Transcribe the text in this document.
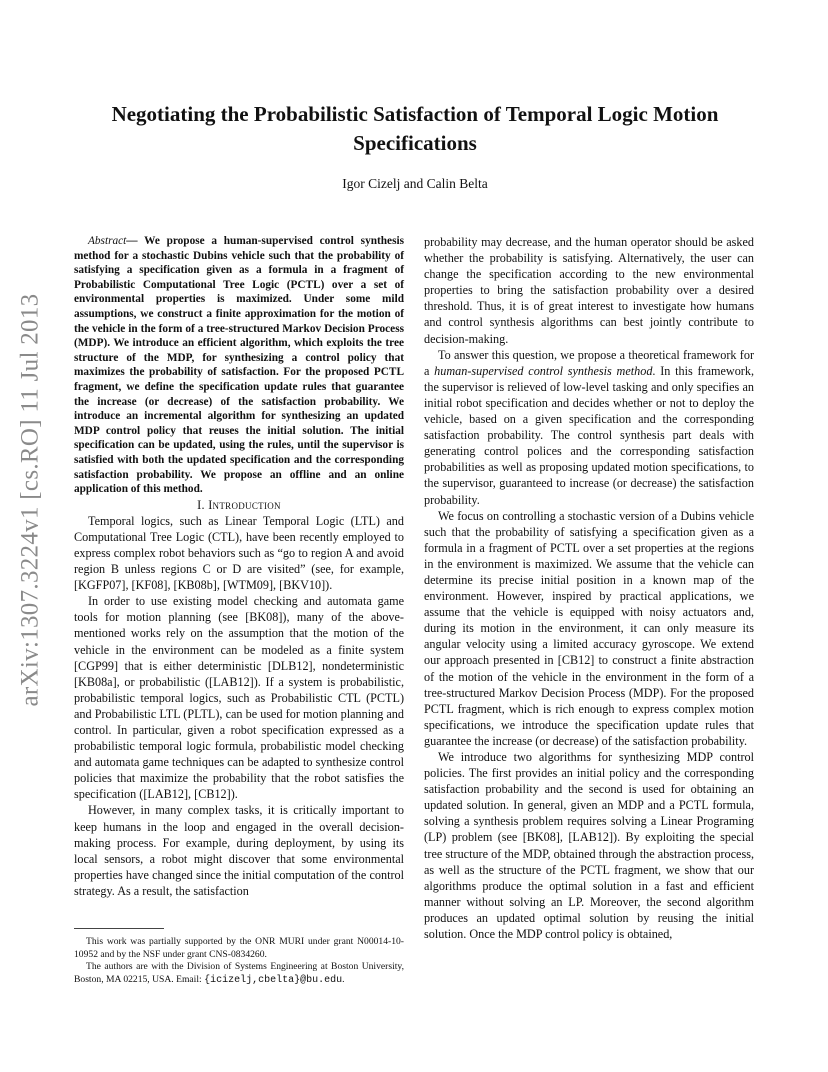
arXiv:1307.3224v1 [cs.RO] 11 Jul 2013
Negotiating the Probabilistic Satisfaction of Temporal Logic Motion Specifications
Igor Cizelj and Calin Belta

Abstract— We propose a human-supervised control synthesis method for a stochastic Dubins vehicle such that the probability of satisfying a specification given as a formula in a fragment of Probabilistic Computational Tree Logic (PCTL) over a set of environmental properties is maximized. Under some mild assumptions, we construct a finite approximation for the motion of the vehicle in the form of a tree-structured Markov Decision Process (MDP). We introduce an efficient algorithm, which exploits the tree structure of the MDP, for synthesizing a control policy that maximizes the probability of satisfaction. For the proposed PCTL fragment, we define the specification update rules that guarantee the increase (or decrease) of the satisfaction probability. We introduce an incremental algorithm for synthesizing an updated MDP control policy that reuses the initial solution. The initial specification can be updated, using the rules, until the supervisor is satisfied with both the updated specification and the corresponding satisfaction probability. We propose an offline and an online application of this method.

I. Introduction

Temporal logics, such as Linear Temporal Logic (LTL) and Computational Tree Logic (CTL), have been recently employed to express complex robot behaviors such as “go to region A and avoid region B unless regions C or D are visited” (see, for example, [KGFP07], [KF08], [KB08b], [WTM09], [BKV10]).

In order to use existing model checking and automata game tools for motion planning (see [BK08]), many of the above-mentioned works rely on the assumption that the motion of the vehicle in the environment can be modeled as a finite system [CGP99] that is either deterministic [DLB12], nondeterministic [KB08a], or probabilistic ([LAB12]). If a system is probabilistic, probabilistic temporal logics, such as Probabilistic CTL (PCTL) and Probabilistic LTL (PLTL), can be used for motion planning and control. In particular, given a robot specification expressed as a probabilistic temporal logic formula, probabilistic model checking and automata game techniques can be adapted to synthesize control policies that maximize the probability that the robot satisfies the specification ([LAB12], [CB12]).

However, in many complex tasks, it is critically important to keep humans in the loop and engaged in the overall decision-making process. For example, during deployment, by using its local sensors, a robot might discover that some environmental properties have changed since the initial computation of the control strategy. As a result, the satisfaction

This work was partially supported by the ONR MURI under grant N00014-10-10952 and by the NSF under grant CNS-0834260.

The authors are with the Division of Systems Engineering at Boston University, Boston, MA 02215, USA. Email: {icizelj,cbelta}@bu.edu.

probability may decrease, and the human operator should be asked whether the probability is satisfying. Alternatively, the user can change the specification according to the new environmental properties to bring the satisfaction probability over a desired threshold. Thus, it is of great interest to investigate how humans and control synthesis algorithms can best jointly contribute to decision-making.

To answer this question, we propose a theoretical framework for a human-supervised control synthesis method. In this framework, the supervisor is relieved of low-level tasking and only specifies an initial robot specification and decides whether or not to deploy the vehicle, based on a given specification and the corresponding satisfaction probability. The control synthesis part deals with generating control polices and the corresponding satisfaction probabilities as well as proposing updated motion specifications, to the supervisor, guaranteed to increase (or decrease) the satisfaction probability.

We focus on controlling a stochastic version of a Dubins vehicle such that the probability of satisfying a specification given as a formula in a fragment of PCTL over a set properties at the regions in the environment is maximized. We assume that the vehicle can determine its precise initial position in a known map of the environment. However, inspired by practical applications, we assume that the vehicle is equipped with noisy actuators and, during its motion in the environment, it can only measure its angular velocity using a limited accuracy gyroscope. We extend our approach presented in [CB12] to construct a finite abstraction of the motion of the vehicle in the environment in the form of a tree-structured Markov Decision Process (MDP). For the proposed PCTL fragment, which is rich enough to express complex motion specifications, we introduce the specification update rules that guarantee the increase (or decrease) of the satisfaction probability.

We introduce two algorithms for synthesizing MDP control policies. The first provides an initial policy and the corresponding satisfaction probability and the second is used for obtaining an updated solution. In general, given an MDP and a PCTL formula, solving a synthesis problem requires solving a Linear Programing (LP) problem (see [BK08], [LAB12]). By exploiting the special tree structure of the MDP, obtained through the abstraction process, as well as the structure of the PCTL fragment, we show that our algorithms produce the optimal solution in a fast and efficient manner without solving an LP. Moreover, the second algorithm produces an updated optimal solution by reusing the initial solution. Once the MDP control policy is obtained,
